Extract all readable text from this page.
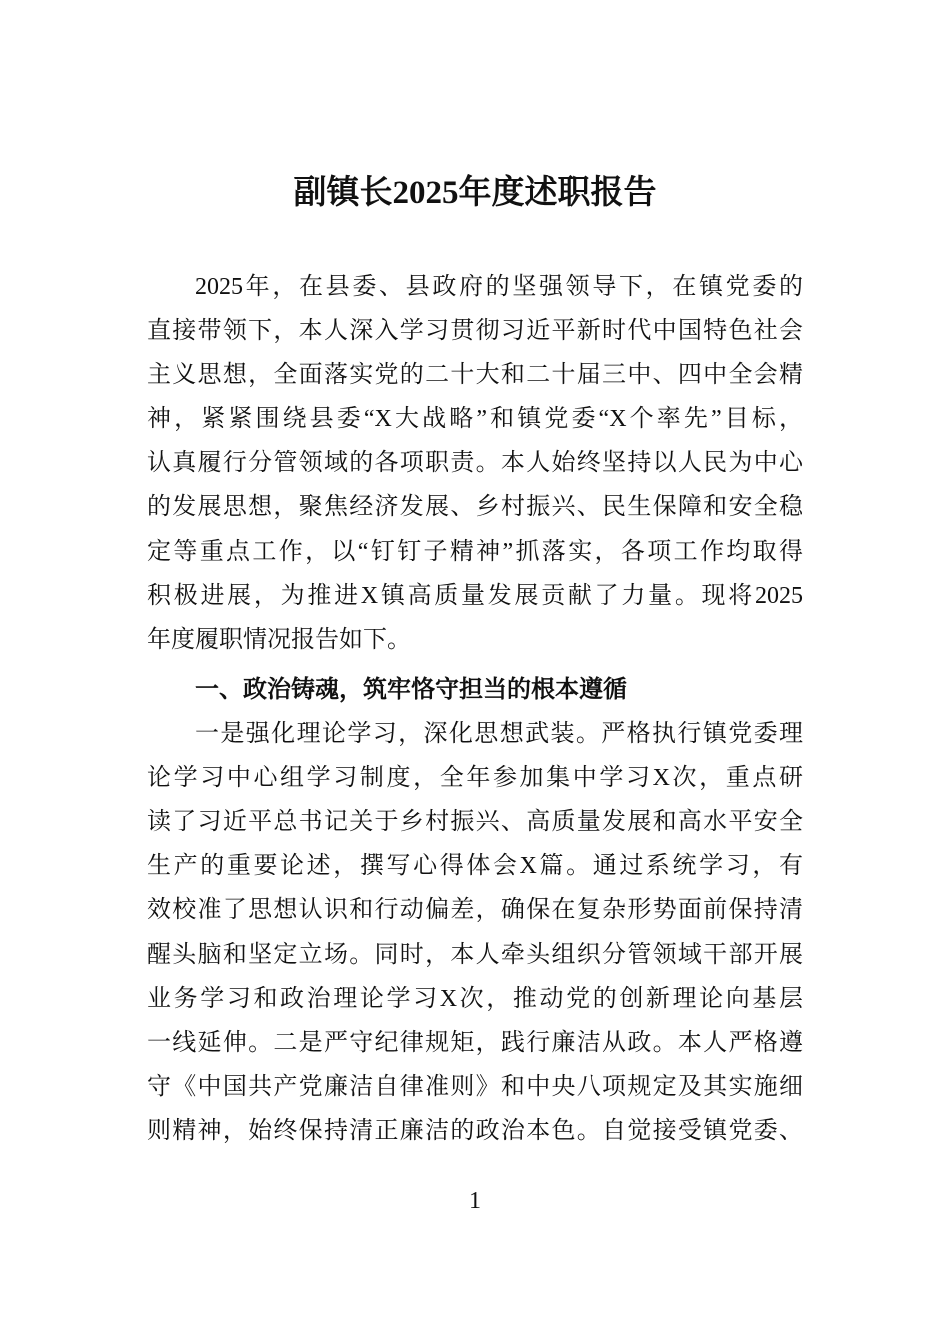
副镇长2025年度述职报告
2025年，在县委、县政府的坚强领导下，在镇党委的
直接带领下，本人深入学习贯彻习近平新时代中国特色社会
主义思想，全面落实党的二十大和二十届三中、四中全会精
神，紧紧围绕县委“X大战略”和镇党委“X个率先”目标，
认真履行分管领域的各项职责。本人始终坚持以人民为中心
的发展思想，聚焦经济发展、乡村振兴、民生保障和安全稳
定等重点工作，以“钉钉子精神”抓落实，各项工作均取得
积极进展，为推进X镇高质量发展贡献了力量。现将2025
年度履职情况报告如下。
一、政治铸魂，筑牢恪守担当的根本遵循
一是强化理论学习，深化思想武装。严格执行镇党委理
论学习中心组学习制度，全年参加集中学习X次，重点研
读了习近平总书记关于乡村振兴、高质量发展和高水平安全
生产的重要论述，撰写心得体会X篇。通过系统学习，有
效校准了思想认识和行动偏差，确保在复杂形势面前保持清
醒头脑和坚定立场。同时，本人牵头组织分管领域干部开展
业务学习和政治理论学习X次，推动党的创新理论向基层
一线延伸。二是严守纪律规矩，践行廉洁从政。本人严格遵
守《中国共产党廉洁自律准则》和中央八项规定及其实施细
则精神，始终保持清正廉洁的政治本色。自觉接受镇党委、
1
